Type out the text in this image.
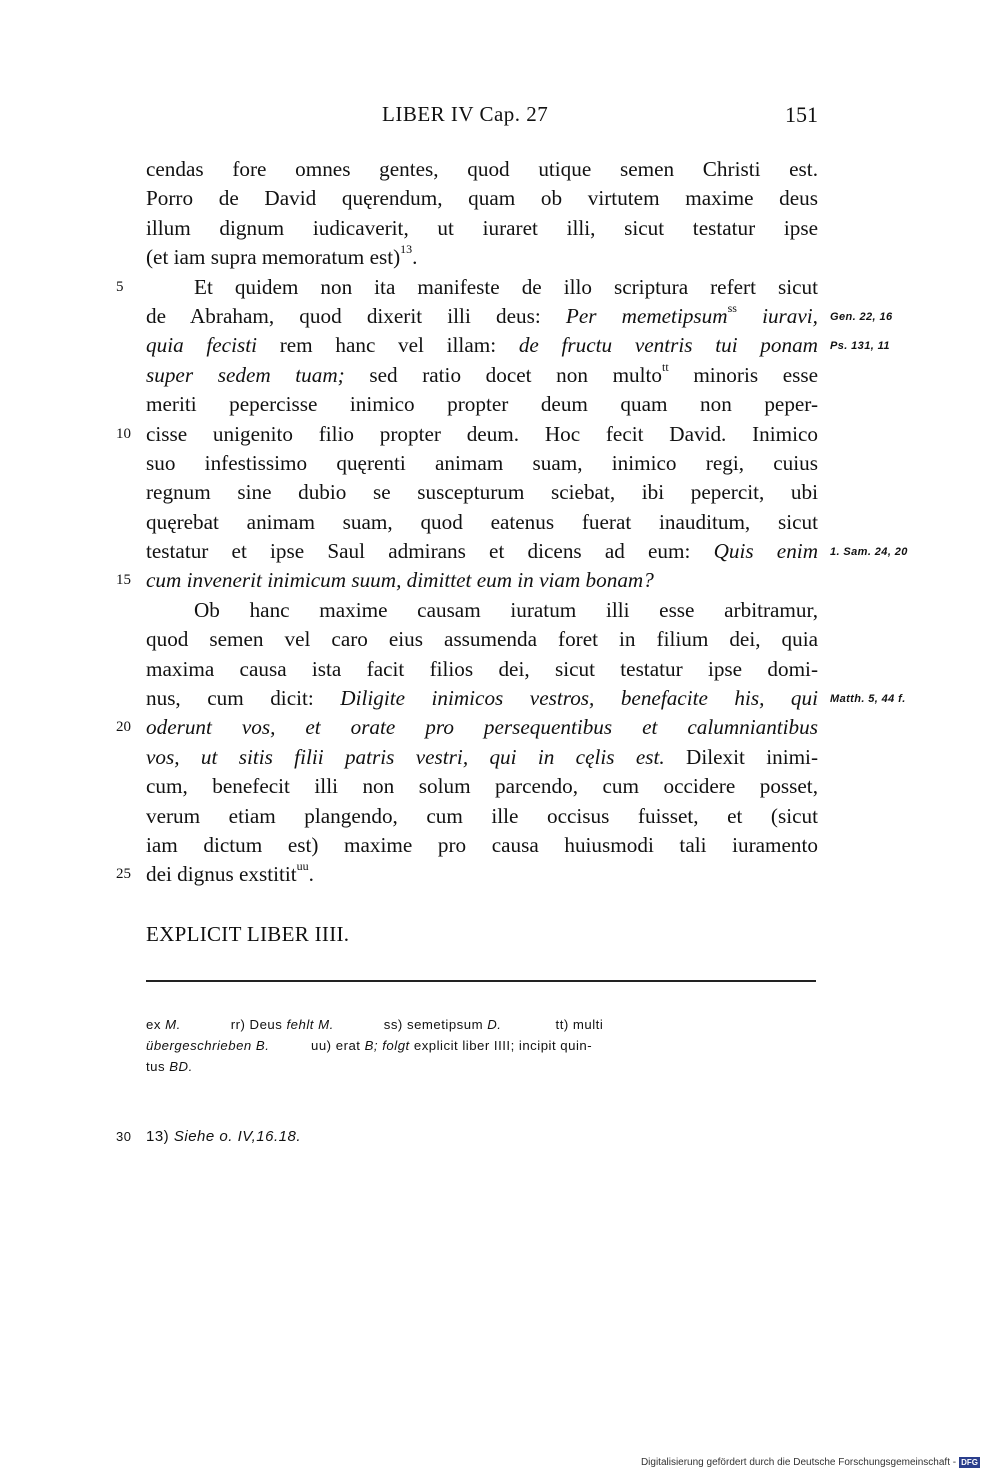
LIBER IV Cap. 27	151
cendas fore omnes gentes, quod utique semen Christi est.
Porro de David quęrendum, quam ob virtutem maxime deus
illum dignum iudicaverit, ut iuraret illi, sicut testatur ipse
(et iam supra memoratum est)$^{13}$.
5	Et quidem non ita manifeste de illo scriptura refert sicut
de Abraham, quod dixerit illi deus: Per memetipsum$^{ss}$ iuravi, Gen. 22, 16
quia fecisti rem hanc vel illam: de fructu ventris tui ponam Ps. 131, 11
super sedem tuam; sed ratio docet non multo$^{tt}$ minoris esse
meriti pepercisse inimico propter deum quam non peper-
10 cisse unigenito filio propter deum. Hoc fecit David. Inimico
suo infestissimo quęrenti animam suam, inimico regi, cuius
regnum sine dubio se suscepturum sciebat, ibi pepercit, ubi
quęrebat animam suam, quod eatenus fuerat inauditum, sicut
testatur et ipse Saul admirans et dicens ad eum: Quis enim 1. Sam. 24, 20
15 cum invenerit inimicum suum, dimittet eum in viam bonam?
Ob hanc maxime causam iuratum illi esse arbitramur,
quod semen vel caro eius assumenda foret in filium dei, quia
maxima causa ista facit filios dei, sicut testatur ipse domi-
nus, cum dicit: Diligite inimicos vestros, benefacite his, qui Matth. 5, 44 f.
20 oderunt vos, et orate pro persequentibus et calumniantibus
vos, ut sitis filii patris vestri, qui in cęlis est. Dilexit inimi-
cum, benefecit illi non solum parcendo, cum occidere posset,
verum etiam plangendo, cum ille occisus fuisset, et (sicut
iam dictum est) maxime pro causa huiusmodi tali iuramento
25 dei dignus exstitit$^{uu}$.
EXPLICIT LIBER IIII.
ex M.            rr) Deus fehlt M.            ss) semetipsum D.             tt) multi
übergeschrieben B.          uu) erat B; folgt explicit liber IIII; incipit quin-
tus BD.
30 13) Siehe o. IV,16.18.
Digitalisierung gefördert durch die Deutsche Forschungsgemeinschaft - DFG
